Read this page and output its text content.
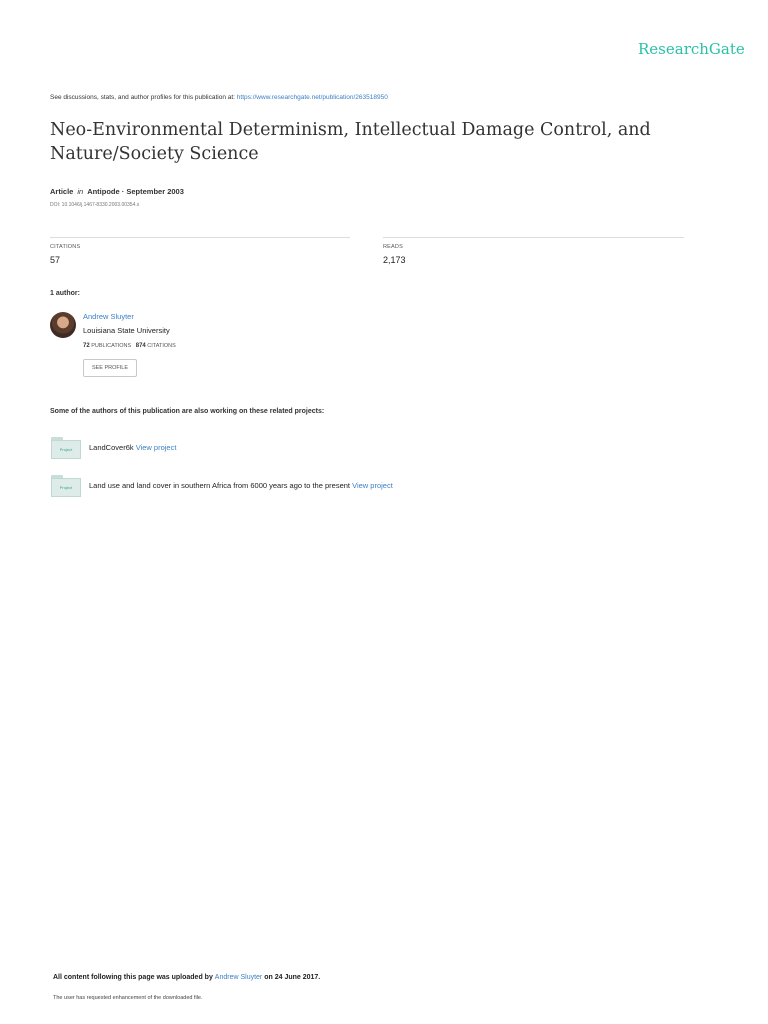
ResearchGate
See discussions, stats, and author profiles for this publication at: https://www.researchgate.net/publication/263518950
Neo-Environmental Determinism, Intellectual Damage Control, and Nature/Society Science
Article in Antipode · September 2003
DOI: 10.1046/j.1467-8330.2003.00354.x
CITATIONS
57
READS
2,173
1 author:
Andrew Sluyter
Louisiana State University
72 PUBLICATIONS 874 CITATIONS
SEE PROFILE
Some of the authors of this publication are also working on these related projects:
Project	LandCover6k View project
Project	Land use and land cover in southern Africa from 6000 years ago to the present View project
All content following this page was uploaded by Andrew Sluyter on 24 June 2017.
The user has requested enhancement of the downloaded file.
